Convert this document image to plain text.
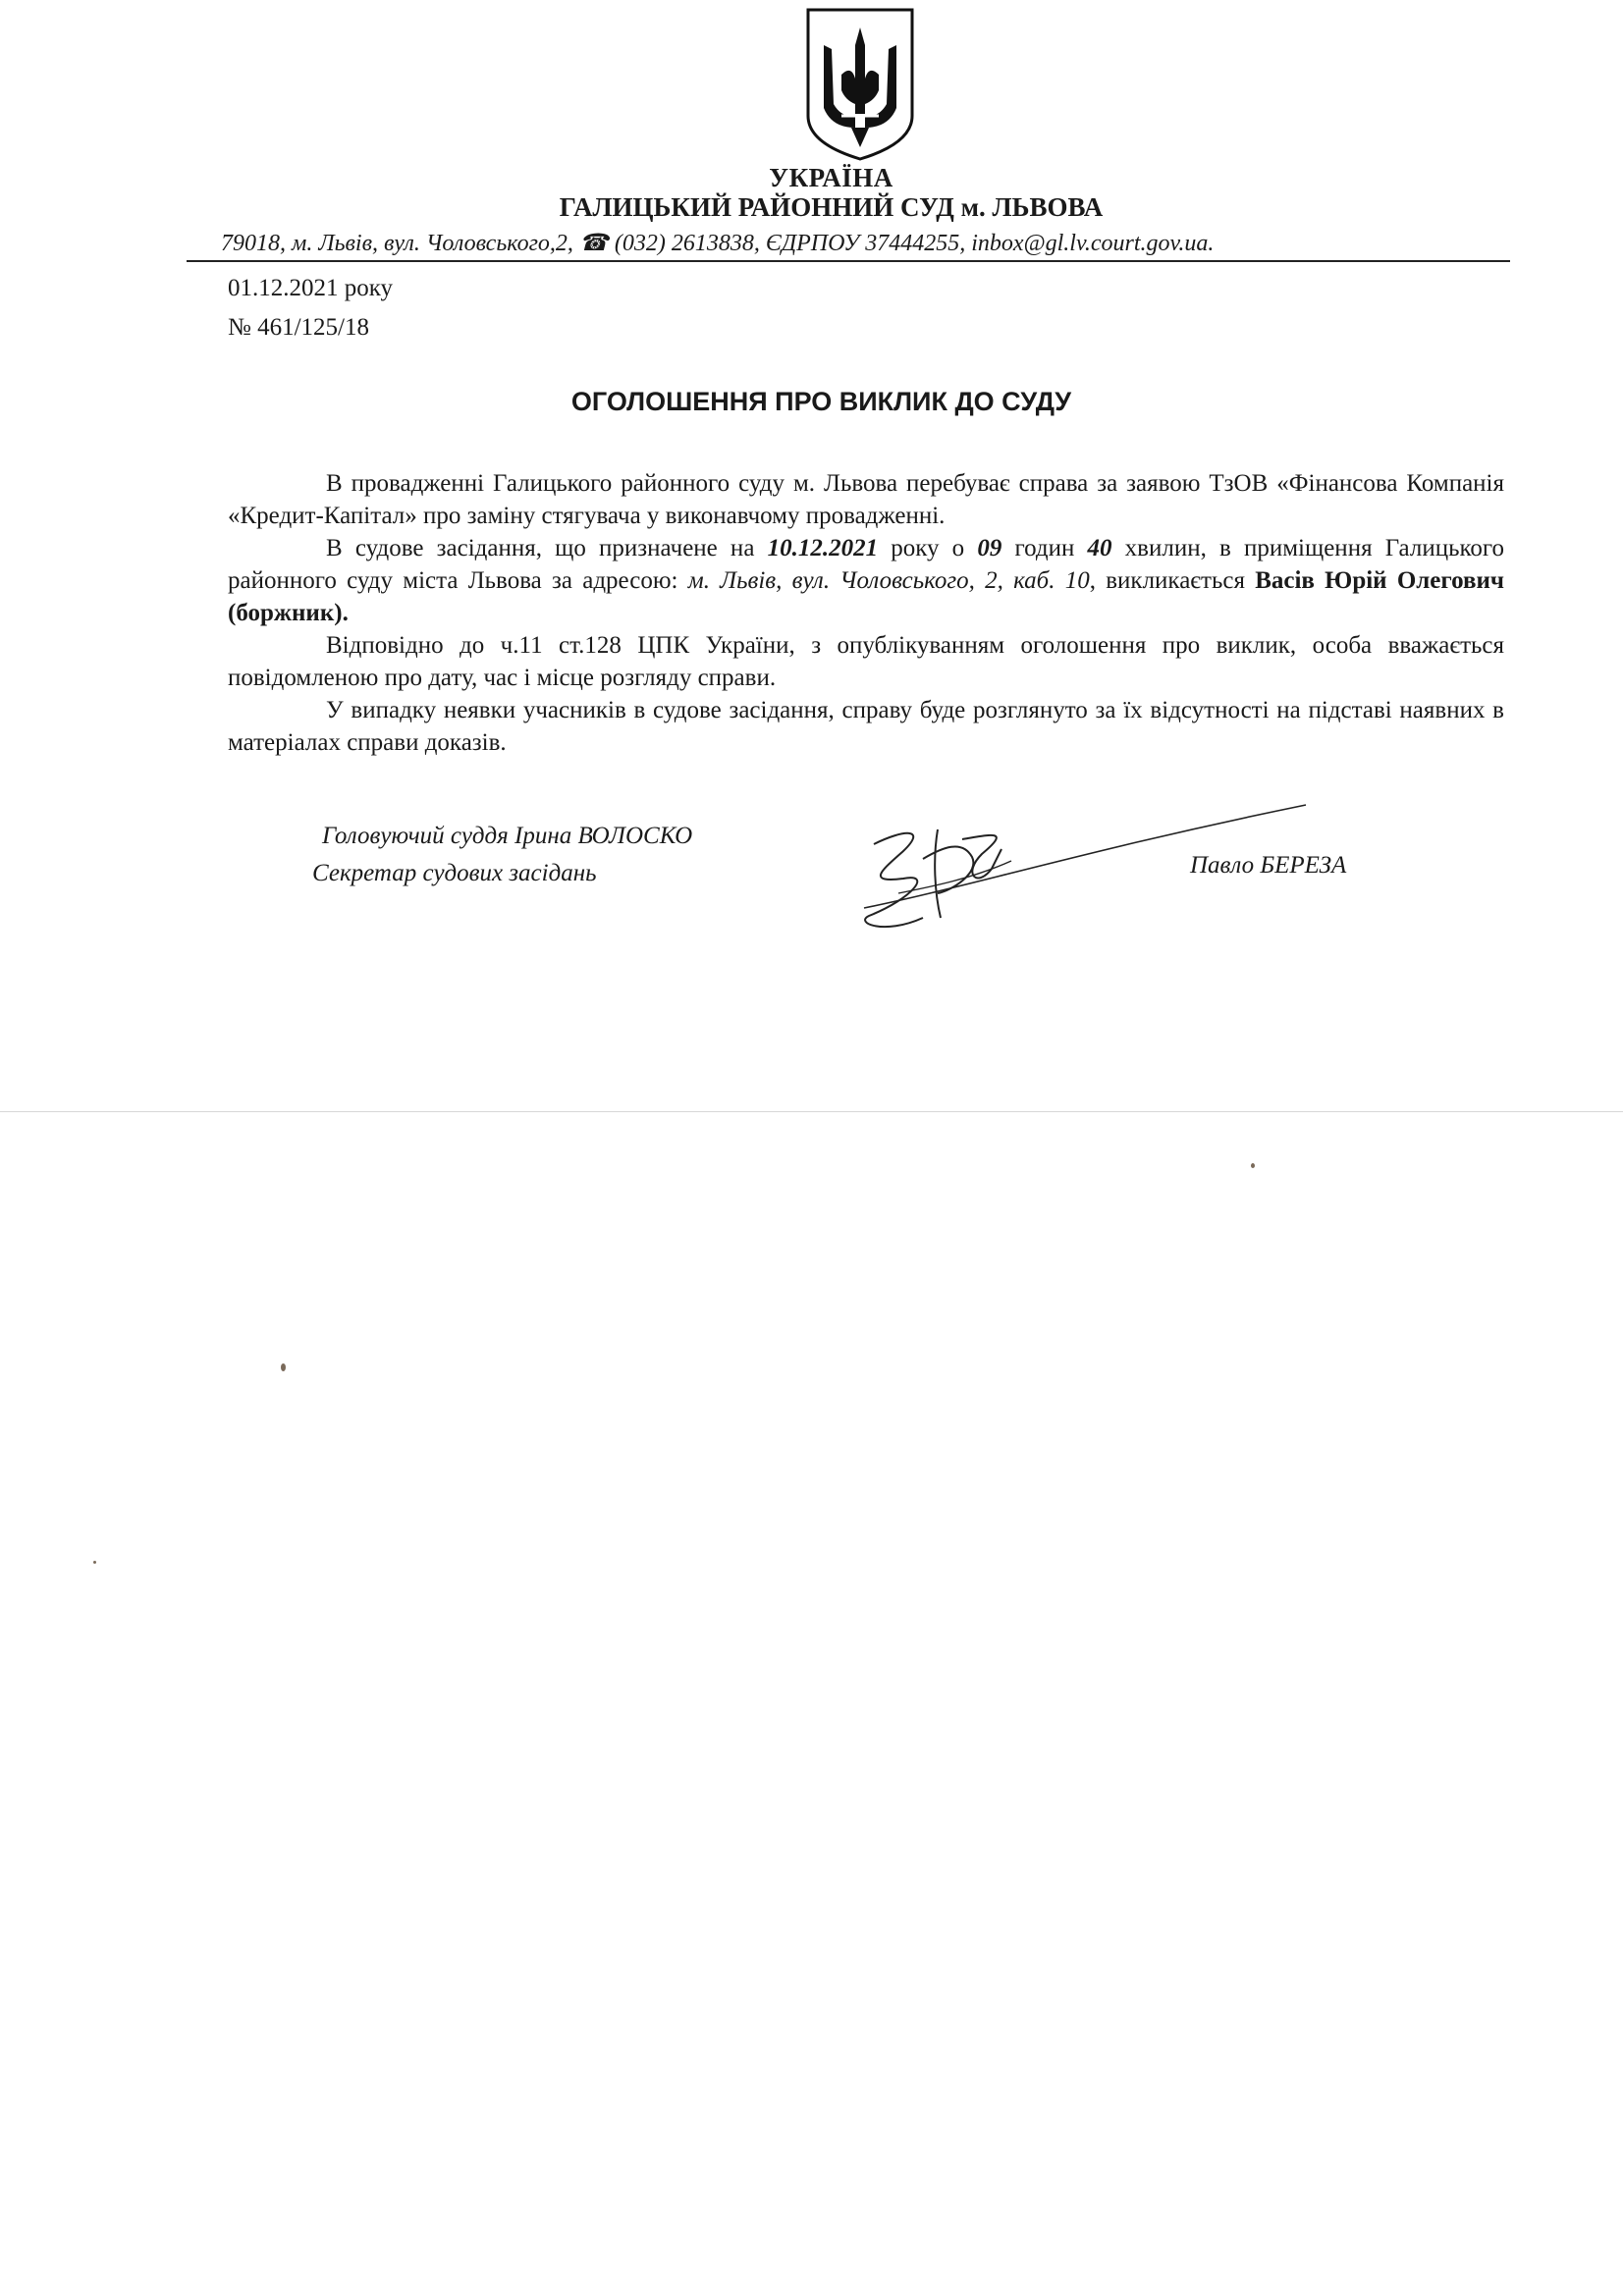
УКРАЇНА
ГАЛИЦЬКИЙ РАЙОННИЙ СУД м. ЛЬВОВА
79018, м. Львів, вул. Чоловського,2, ☎ (032) 2613838, ЄДРПОУ 37444255, inbox@gl.lv.court.gov.ua.
01.12.2021 року
№ 461/125/18
ОГОЛОШЕННЯ ПРО ВИКЛИК ДО СУДУ

В провадженні Галицького районного суду м. Львова перебуває справа за заявою ТзОВ «Фінансова Компанія «Кредит-Капітал» про заміну стягувача у виконавчому провадженні.

В судове засідання, що призначене на 10.12.2021 року о 09 годин 40 хвилин, в приміщення Галицького районного суду міста Львова за адресою: м. Львів, вул. Чоловського, 2, каб. 10, викликається Васів Юрій Олегович (боржник).

Відповідно до ч.11 ст.128 ЦПК України, з опублікуванням оголошення про виклик, особа вважається повідомленою про дату, час і місце розгляду справи.

У випадку неявки учасників в судове засідання, справу буде розглянуто за їх відсутності на підставі наявних в матеріалах справи доказів.

Головуючий суддя Ірина ВОЛОСКО
Секретар судових засідань	Павло БЕРЕЗА
